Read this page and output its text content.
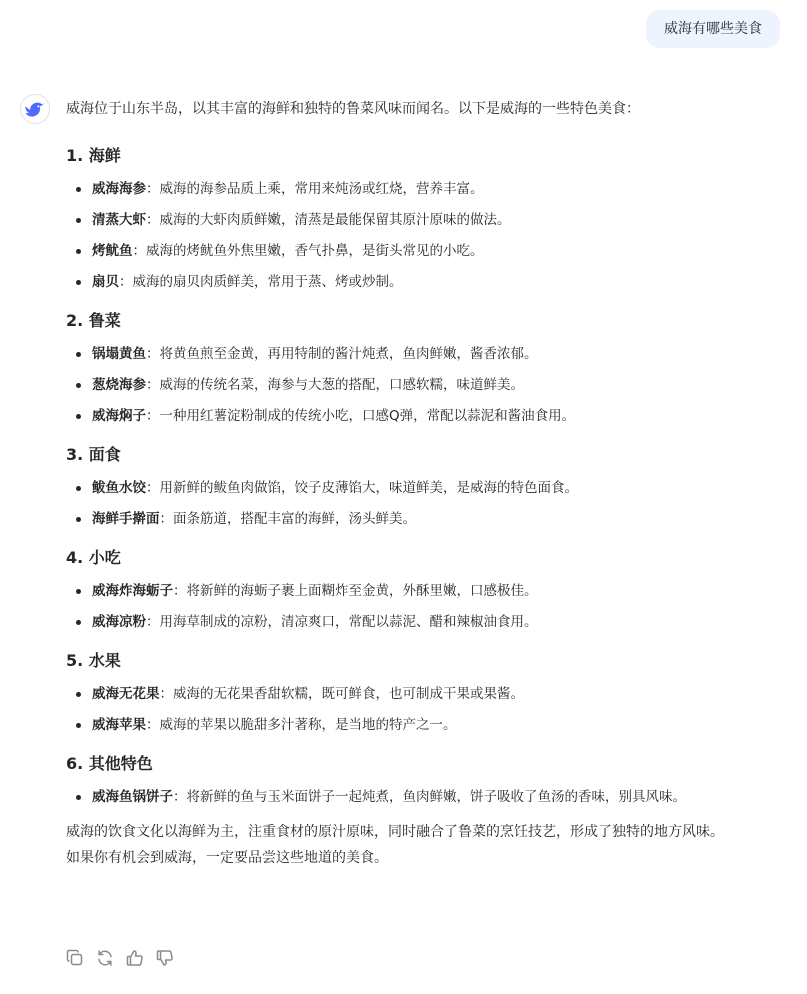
威海有哪些美食

威海位于山东半岛，以其丰富的海鲜和独特的鲁菜风味而闻名。以下是威海的一些特色美食：

1. 海鲜
威海海参：威海的海参品质上乘，常用来炖汤或红烧，营养丰富。
清蒸大虾：威海的大虾肉质鲜嫩，清蒸是最能保留其原汁原味的做法。
烤鱿鱼：威海的烤鱿鱼外焦里嫩，香气扑鼻，是街头常见的小吃。
扇贝：威海的扇贝肉质鲜美，常用于蒸、烤或炒制。
2. 鲁菜
锅塌黄鱼：将黄鱼煎至金黄，再用特制的酱汁炖煮，鱼肉鲜嫩，酱香浓郁。
葱烧海参：威海的传统名菜，海参与大葱的搭配，口感软糯，味道鲜美。
威海焖子：一种用红薯淀粉制成的传统小吃，口感Q弹，常配以蒜泥和酱油食用。
3. 面食
鲅鱼水饺：用新鲜的鲅鱼肉做馅，饺子皮薄馅大，味道鲜美，是威海的特色面食。
海鲜手擀面：面条筋道，搭配丰富的海鲜，汤头鲜美。
4. 小吃
威海炸海蛎子：将新鲜的海蛎子裹上面糊炸至金黄，外酥里嫩，口感极佳。
威海凉粉：用海草制成的凉粉，清凉爽口，常配以蒜泥、醋和辣椒油食用。
5. 水果
威海无花果：威海的无花果香甜软糯，既可鲜食，也可制成干果或果酱。
威海苹果：威海的苹果以脆甜多汁著称，是当地的特产之一。
6. 其他特色
威海鱼锅饼子：将新鲜的鱼与玉米面饼子一起炖煮，鱼肉鲜嫩，饼子吸收了鱼汤的香味，别具风味。

威海的饮食文化以海鲜为主，注重食材的原汁原味，同时融合了鲁菜的烹饪技艺，形成了独特的地方风味。
如果你有机会到威海，一定要品尝这些地道的美食。
